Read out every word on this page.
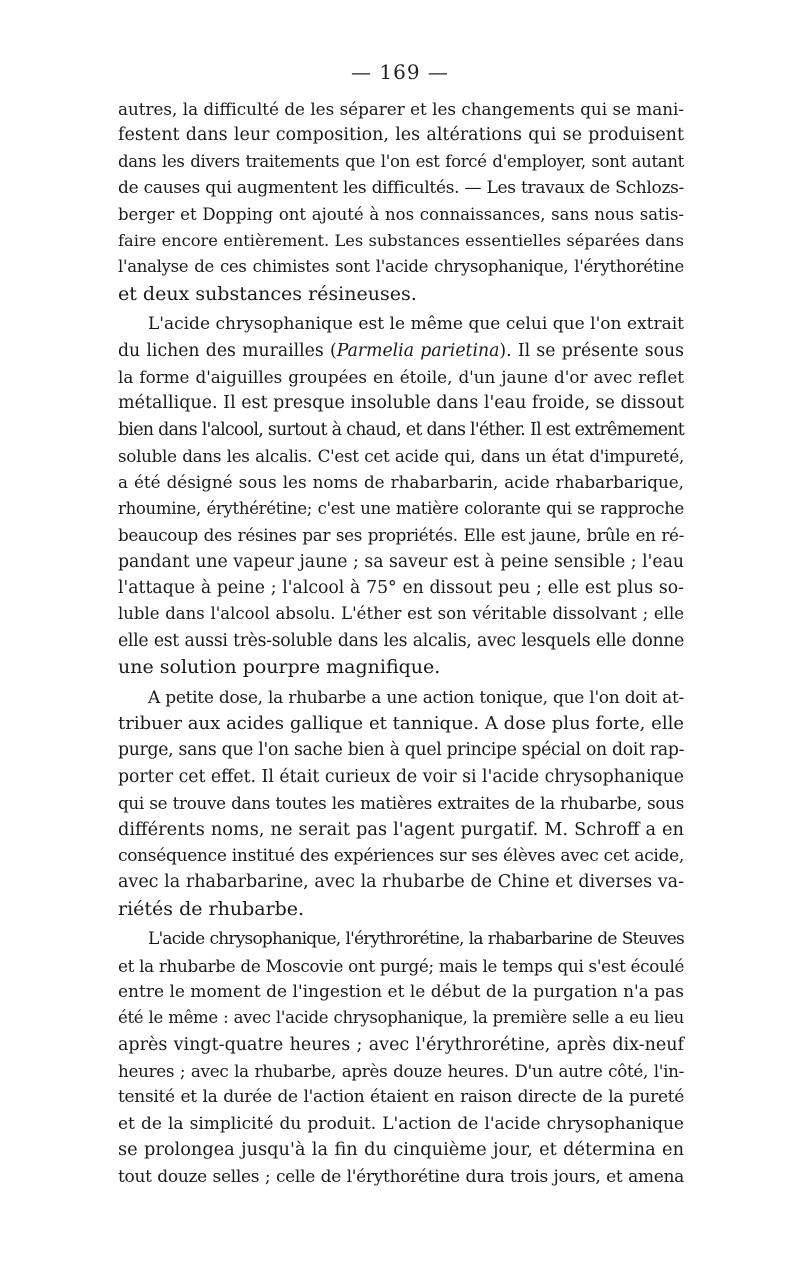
— 169 —
autres, la difficulté de les séparer et les changements qui se mani-
festent dans leur composition, les altérations qui se produisent
dans les divers traitements que l'on est forcé d'employer, sont autant
de causes qui augmentent les difficultés. — Les travaux de Schlozs-
berger et Dopping ont ajouté à nos connaissances, sans nous satis-
faire encore entièrement. Les substances essentielles séparées dans
l'analyse de ces chimistes sont l'acide chrysophanique, l'érythorétine
et deux substances résineuses.
L'acide chrysophanique est le même que celui que l'on extrait
du lichen des murailles (Parmelia parietina). Il se présente sous
la forme d'aiguilles groupées en étoile, d'un jaune d'or avec reflet
métallique. Il est presque insoluble dans l'eau froide, se dissout
bien dans l'alcool, surtout à chaud, et dans l'éther. Il est extrêmement
soluble dans les alcalis. C'est cet acide qui, dans un état d'impureté,
a été désigné sous les noms de rhabarbarin, acide rhabarbarique,
rhoumine, érythérétine; c'est une matière colorante qui se rapproche
beaucoup des résines par ses propriétés. Elle est jaune, brûle en ré-
pandant une vapeur jaune ; sa saveur est à peine sensible ; l'eau
l'attaque à peine ; l'alcool à 75° en dissout peu ; elle est plus so-
luble dans l'alcool absolu. L'éther est son véritable dissolvant ; elle
elle est aussi très-soluble dans les alcalis, avec lesquels elle donne
une solution pourpre magnifique.
A petite dose, la rhubarbe a une action tonique, que l'on doit at-
tribuer aux acides gallique et tannique. A dose plus forte, elle
purge, sans que l'on sache bien à quel principe spécial on doit rap-
porter cet effet. Il était curieux de voir si l'acide chrysophanique
qui se trouve dans toutes les matières extraites de la rhubarbe, sous
différents noms, ne serait pas l'agent purgatif. M. Schroff a en
conséquence institué des expériences sur ses élèves avec cet acide,
avec la rhabarbarine, avec la rhubarbe de Chine et diverses va-
riétés de rhubarbe.
L'acide chrysophanique, l'érythrorétine, la rhabarbarine de Steuves
et la rhubarbe de Moscovie ont purgé; mais le temps qui s'est écoulé
entre le moment de l'ingestion et le début de la purgation n'a pas
été le même : avec l'acide chrysophanique, la première selle a eu lieu
après vingt-quatre heures ; avec l'érythrorétine, après dix-neuf
heures ; avec la rhubarbe, après douze heures. D'un autre côté, l'in-
tensité et la durée de l'action étaient en raison directe de la pureté
et de la simplicité du produit. L'action de l'acide chrysophanique
se prolongea jusqu'à la fin du cinquième jour, et détermina en
tout douze selles ; celle de l'érythorétine dura trois jours, et amena
